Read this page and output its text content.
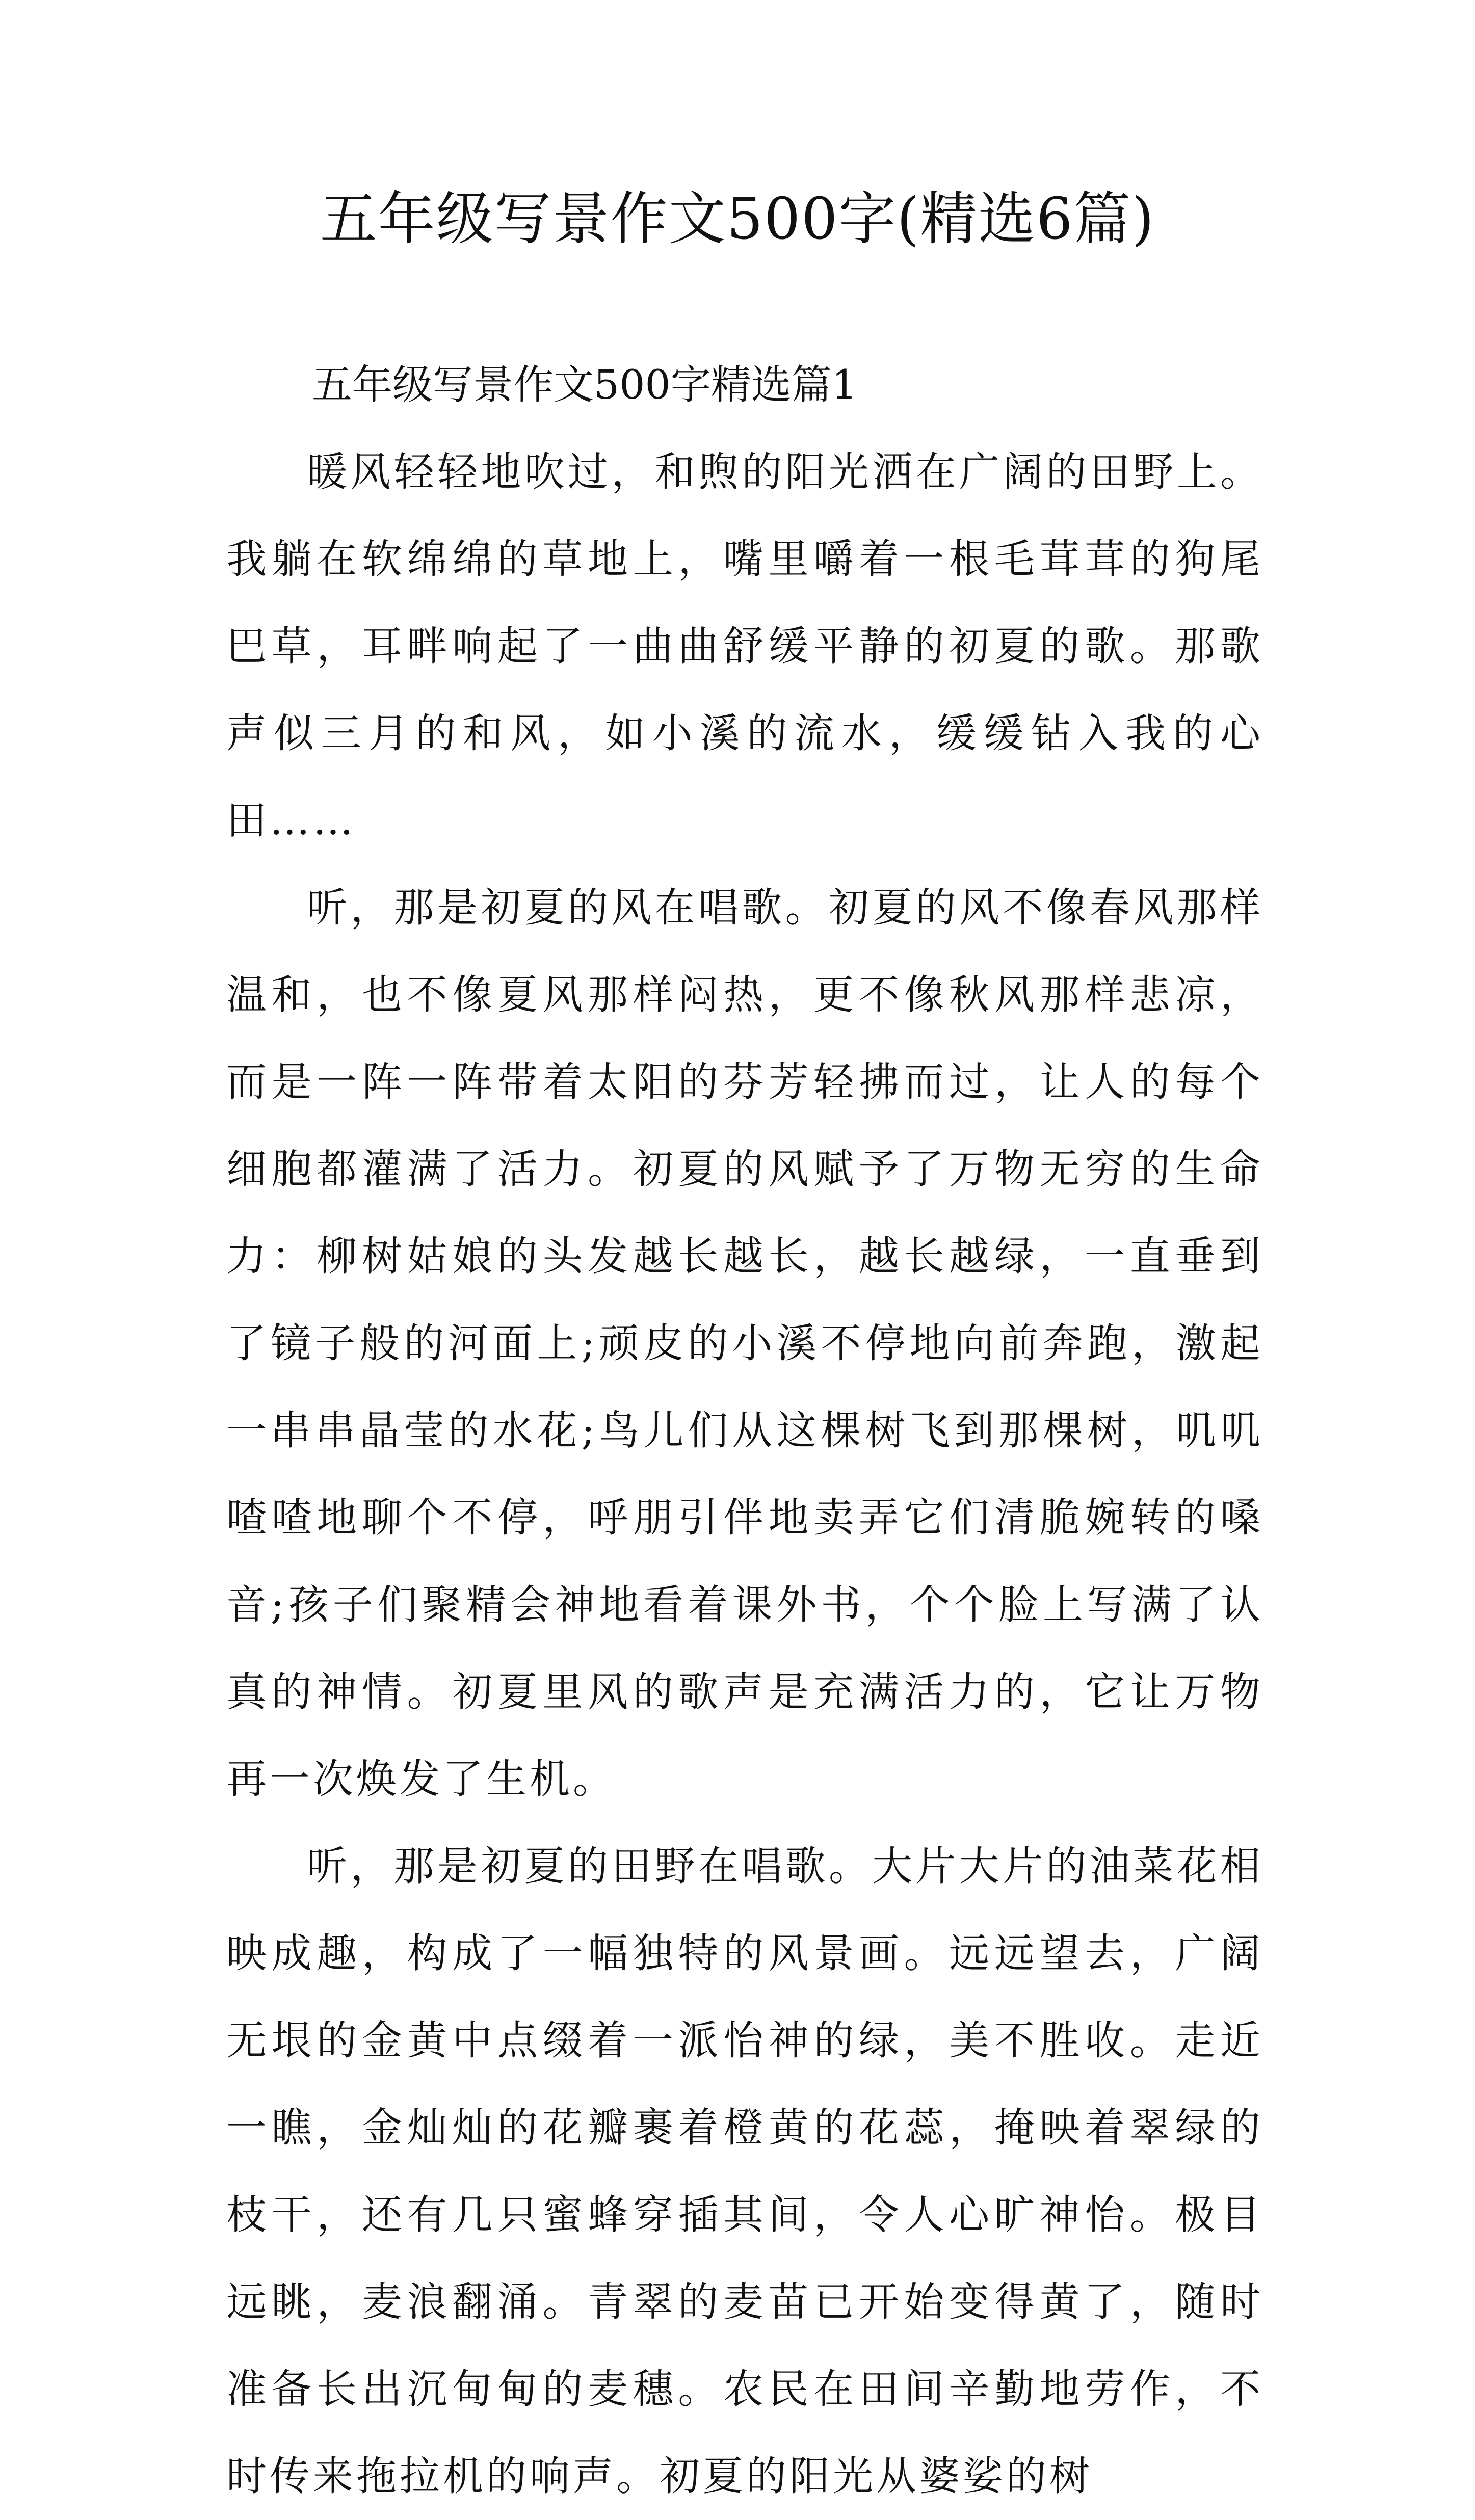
五年级写景作文500字(精选6篇)

五年级写景作文500字精选篇1

暖风轻轻地吹过，和煦的阳光洒在广阔的田野上。我躺在软绵绵的草地上，嘴里嚼着一根毛茸茸的狗尾巴草，耳畔响起了一曲曲舒缓平静的初夏的歌。那歌声似三月的和风，如小溪的流水，缓缓钻入我的心田……

听，那是初夏的风在唱歌。初夏的风不像春风那样温和，也不像夏风那样闷热，更不像秋风那样悲凉，而是一阵一阵带着太阳的芬芳轻拂而过，让人的每个细胞都灌满了活力。初夏的风赋予了万物无穷的生命力：柳树姑娘的头发越长越长，越长越绿，一直垂到了镜子般的河面上;顽皮的小溪不停地向前奔跑，激起一串串晶莹的水花;鸟儿们从这棵树飞到那棵树，叽叽喳喳地聊个不停，呼朋引伴地卖弄它们清脆婉转的嗓音;孩子们聚精会神地看着课外书，个个脸上写满了认真的神情。初夏里风的歌声是充满活力的，它让万物再一次焕发了生机。

听，那是初夏的田野在唱歌。大片大片的油菜花相映成趣，构成了一幅独特的风景画。远远望去，广阔无垠的金黄中点缀着一派怡神的绿，美不胜收。走近一瞧，金灿灿的花瓣裹着橙黄的花蕊，掩映着翠绿的枝干，还有几只蜜蜂穿插其间，令人心旷神怡。极目远眺，麦浪翻涌。青翠的麦苗已开始变得黄了，随时准备长出沉甸甸的麦穗。农民在田间辛勤地劳作，不时传来拖拉机的响声。初夏的阳光从婆娑的树
